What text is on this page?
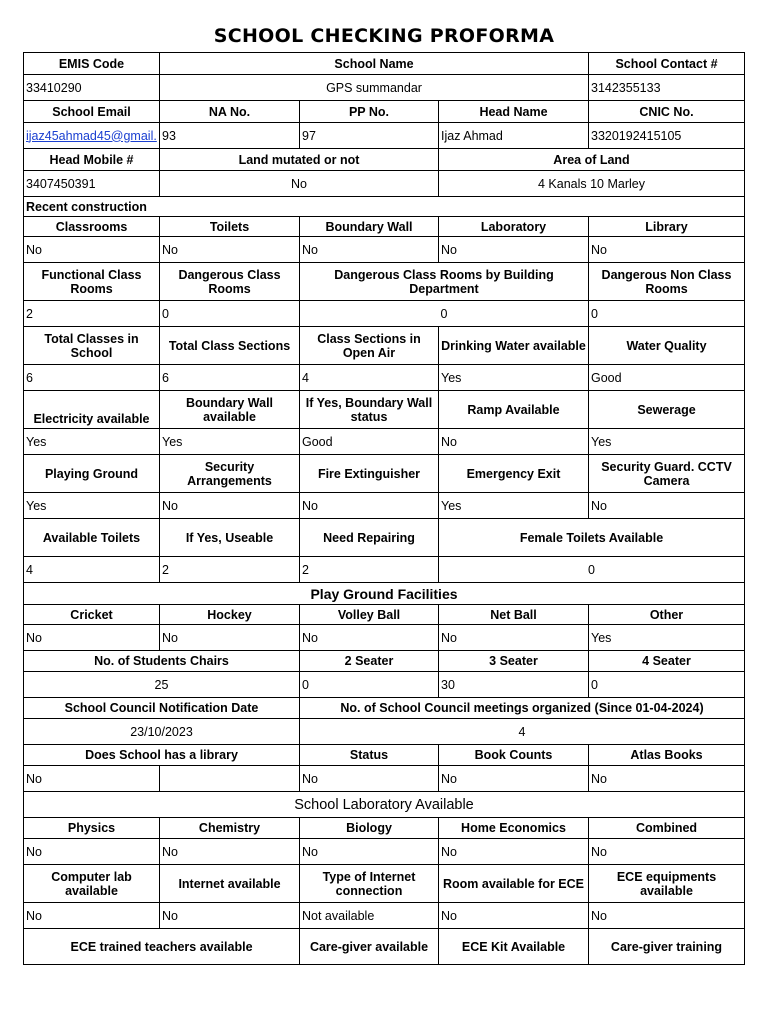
SCHOOL CHECKING PROFORMA
EMIS Code	School Name			School Contact #
33410290	GPS summandar			3142355133
School Email	NA No.	PP No.	Head Name	CNIC No.
ijaz45ahmad45@gmail.	93	97	Ijaz Ahmad	3320192415105
Head Mobile #	Land mutated or not		Area of Land	
3407450391	No		4 Kanals 10 Marley	
Recent construction				
Classrooms	Toilets	Boundary Wall	Laboratory	Library
No	No	No	No	No
Functional Class Rooms	Dangerous Class Rooms	Dangerous Class Rooms by Building Department		Dangerous Non Class Rooms
2	0	0		0
Total Classes in School	Total Class Sections	Class Sections in Open Air	Drinking Water available	Water Quality
6	6	4	Yes	Good
Electricity available	Boundary Wall available	If Yes, Boundary Wall status	Ramp Available	Sewerage
Yes	Yes	Good	No	Yes
Playing Ground	Security Arrangements	Fire Extinguisher	Emergency Exit	Security Guard. CCTV Camera
Yes	No	No	Yes	No
Available Toilets	If Yes, Useable	Need Repairing	Female Toilets Available	
4	2	2	0	
Play Ground Facilities				
Cricket	Hockey	Volley Ball	Net Ball	Other
No	No	No	No	Yes
No. of Students Chairs		2 Seater	3 Seater	4 Seater
25		0	30	0
School Council Notification Date		No. of School Council meetings organized (Since 01-04-2024)		
23/10/2023		4		
Does School has a library		Status	Book Counts	Atlas Books
No		No	No	No
School Laboratory Available				
Physics	Chemistry	Biology	Home Economics	Combined
No	No	No	No	No
Computer lab available	Internet available	Type of Internet connection	Room available for ECE	ECE equipments available
No	No	Not available	No	No
ECE trained teachers available		Care-giver available	ECE Kit Available	Care-giver training
